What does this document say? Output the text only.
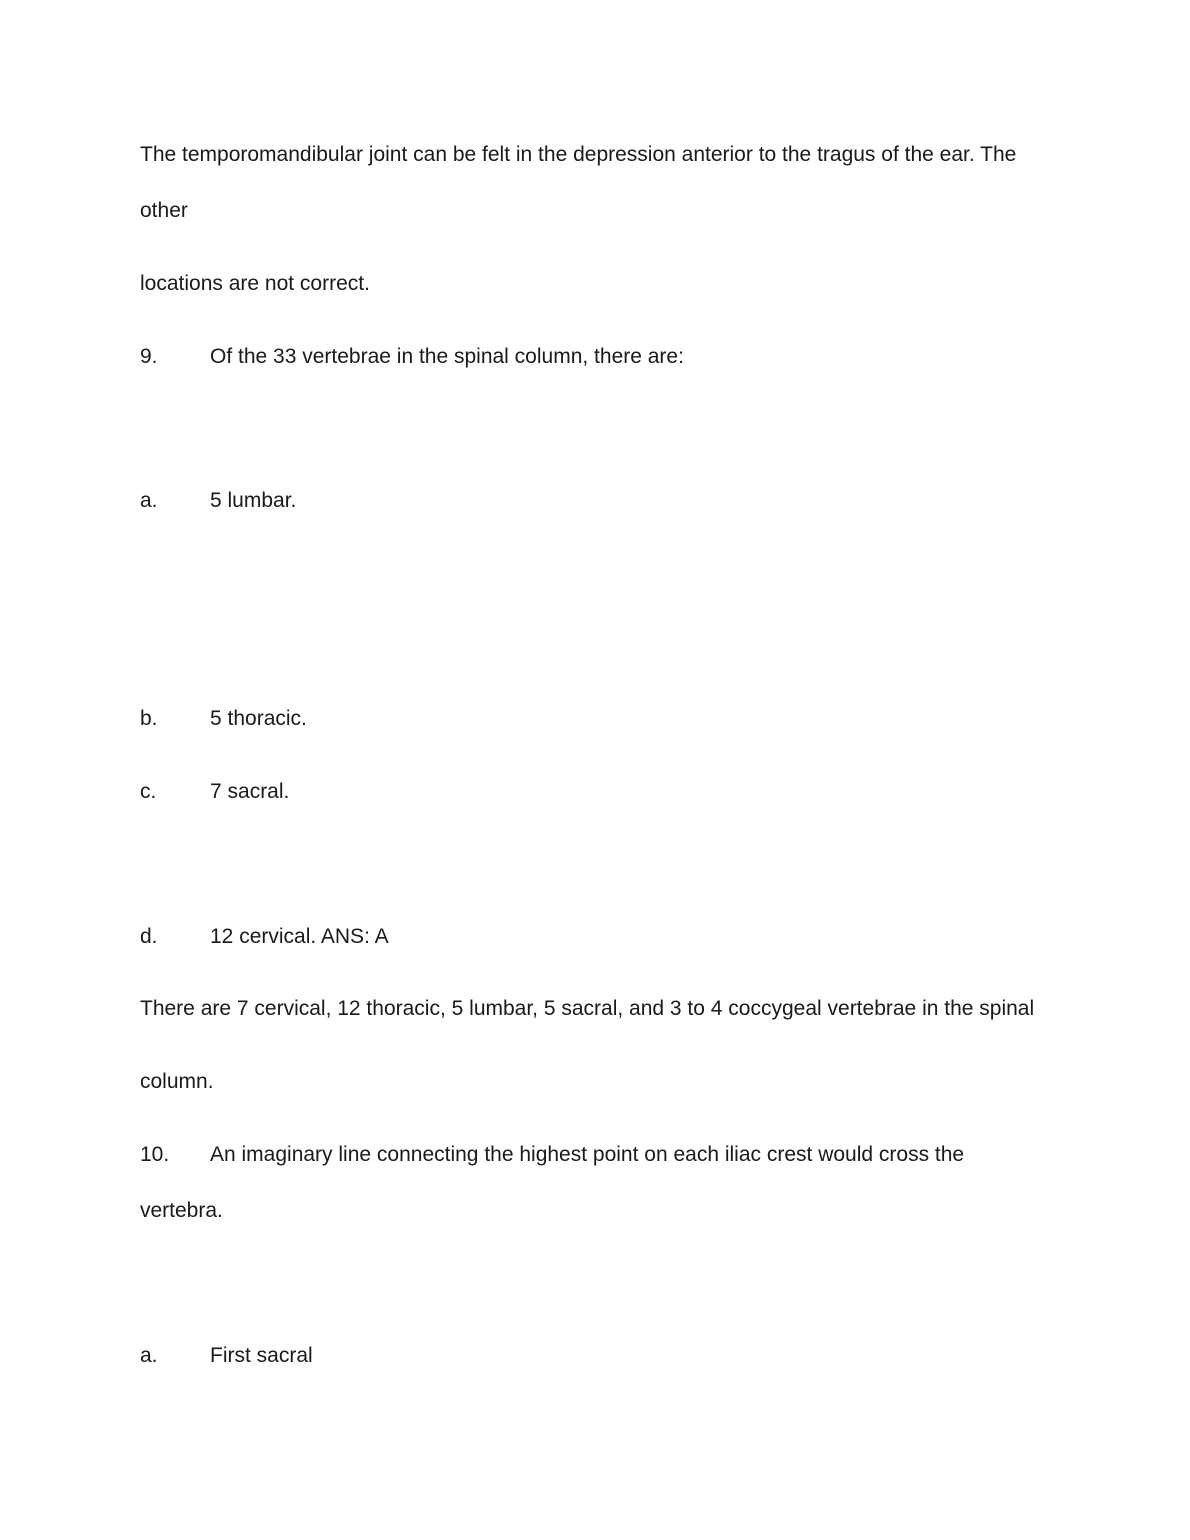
The temporomandibular joint can be felt in the depression anterior to the tragus of the ear. The
other
locations are not correct.
9. Of the 33 vertebrae in the spinal column, there are:
a. 5 lumbar.
b. 5 thoracic.
c.	7 sacral.
d. 12 cervical. ANS: A
There are 7 cervical, 12 thoracic, 5 lumbar, 5 sacral, and 3 to 4 coccygeal vertebrae in the spinal
column.
10. An imaginary line connecting the highest point on each iliac crest would cross the
vertebra.
a. First sacral
